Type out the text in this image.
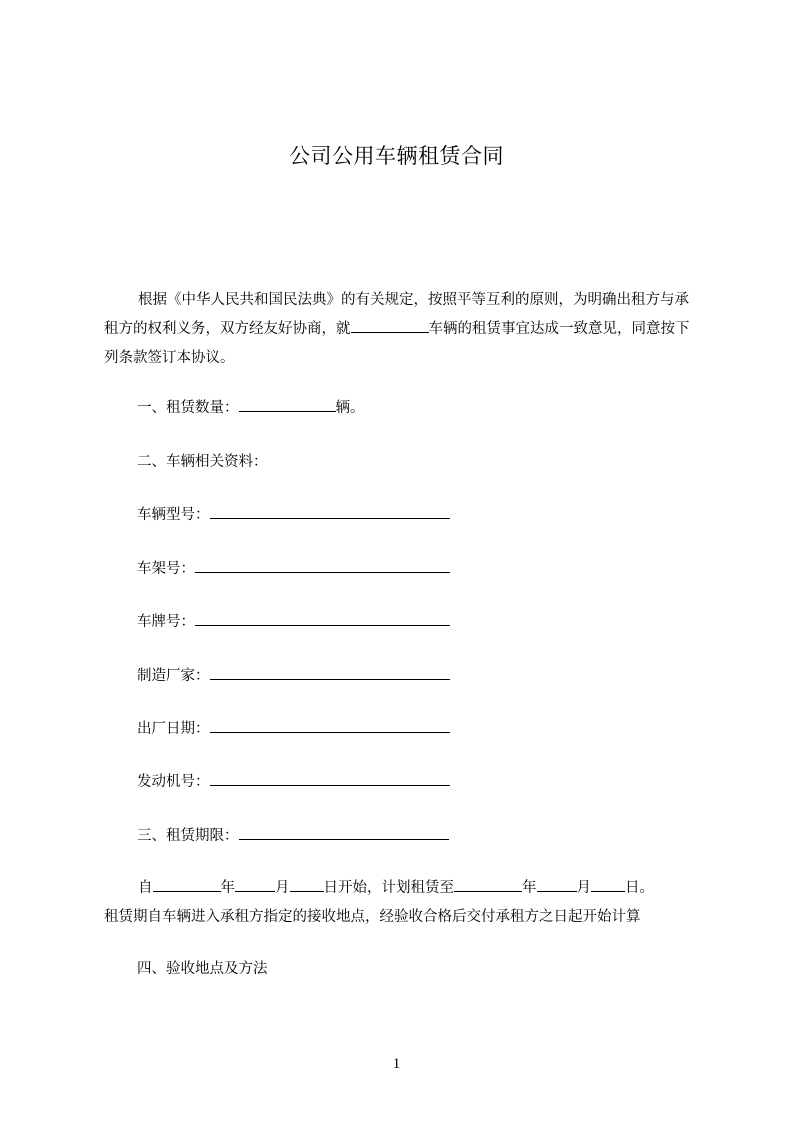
公司公用车辆租赁合同
根据《中华人民共和国民法典》的有关规定，按照平等互利的原则，为明确出租方与承租方的权利义务，双方经友好协商，就	车辆的租赁事宜达成一致意见，同意按下列条款签订本协议。
一、租赁数量：	辆。
二、车辆相关资料：
车辆型号：
车架号：
车牌号：
制造厂家：
出厂日期：
发动机号：
三、租赁期限：
自	年	月 日开始，计划租赁至	年	月 日。
租赁期自车辆进入承租方指定的接收地点，经验收合格后交付承租方之日起开始计算
四、验收地点及方法
1
